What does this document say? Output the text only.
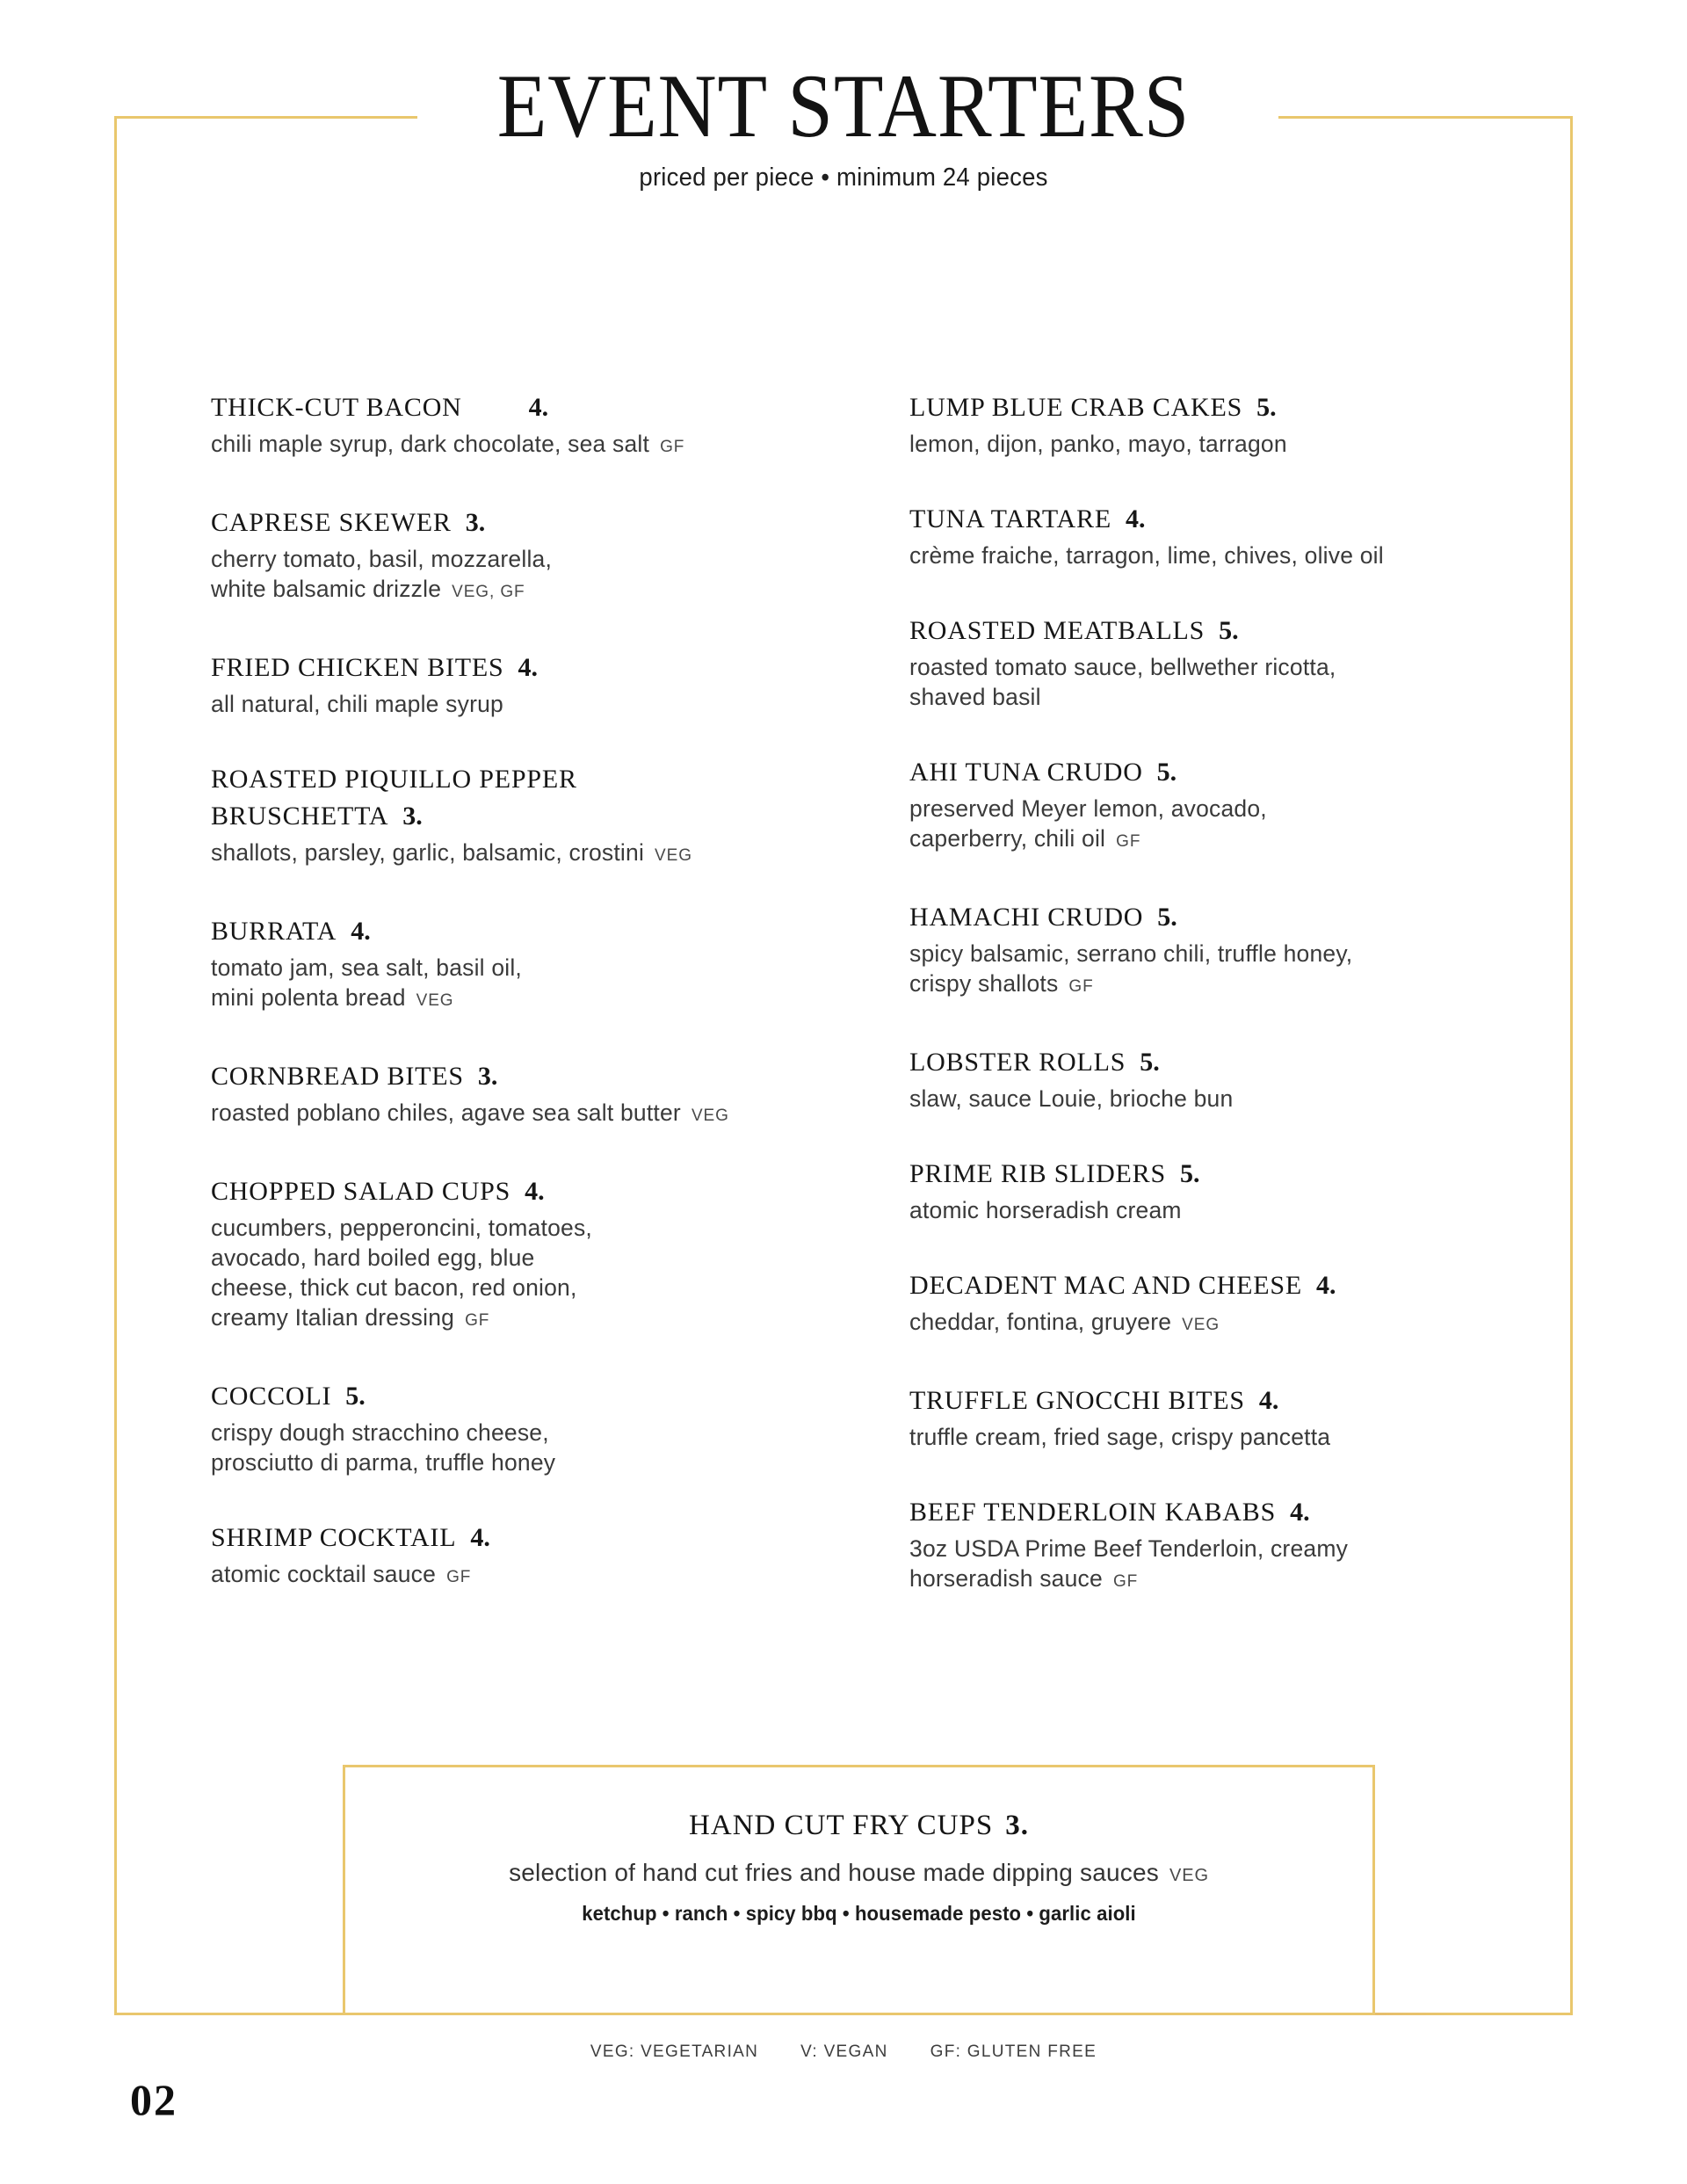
EVENT STARTERS
priced per piece • minimum 24 pieces
THICK-CUT BACON	4.
chili maple syrup, dark chocolate, sea salt GF
CAPRESE SKEWER 3.
cherry tomato, basil, mozzarella,
white balsamic drizzle VEG, GF
FRIED CHICKEN BITES 4.
all natural, chili maple syrup
ROASTED PIQUILLO PEPPER BRUSCHETTA 3.
shallots, parsley, garlic, balsamic, crostini VEG
BURRATA 4.
tomato jam, sea salt, basil oil,
mini polenta bread VEG
CORNBREAD BITES 3.
roasted poblano chiles, agave sea salt butter VEG
CHOPPED SALAD CUPS 4.
cucumbers, pepperoncini, tomatoes,
avocado, hard boiled egg, blue
cheese, thick cut bacon, red onion,
creamy Italian dressing GF
COCCOLI 5.
crispy dough stracchino cheese,
prosciutto di parma, truffle honey
SHRIMP COCKTAIL 4.
atomic cocktail sauce GF
LUMP BLUE CRAB CAKES 5.
lemon, dijon, panko, mayo, tarragon
TUNA TARTARE 4.
crème fraiche, tarragon, lime, chives, olive oil
ROASTED MEATBALLS 5.
roasted tomato sauce, bellwether ricotta,
shaved basil
AHI TUNA CRUDO 5.
preserved Meyer lemon, avocado,
caperberry, chili oil GF
HAMACHI CRUDO 5.
spicy balsamic, serrano chili, truffle honey,
crispy shallots GF
LOBSTER ROLLS 5.
slaw, sauce Louie, brioche bun
PRIME RIB SLIDERS 5.
atomic horseradish cream
DECADENT MAC AND CHEESE 4.
cheddar, fontina, gruyere VEG
TRUFFLE GNOCCHI BITES 4.
truffle cream, fried sage, crispy pancetta
BEEF TENDERLOIN KABABS 4.
3oz USDA Prime Beef Tenderloin, creamy
horseradish sauce GF
HAND CUT FRY CUPS 3.
selection of hand cut fries and house made dipping sauces VEG
ketchup • ranch • spicy bbq • housemade pesto • garlic aioli
VEG: VEGETARIAN	V: VEGAN	GF: GLUTEN FREE
02
